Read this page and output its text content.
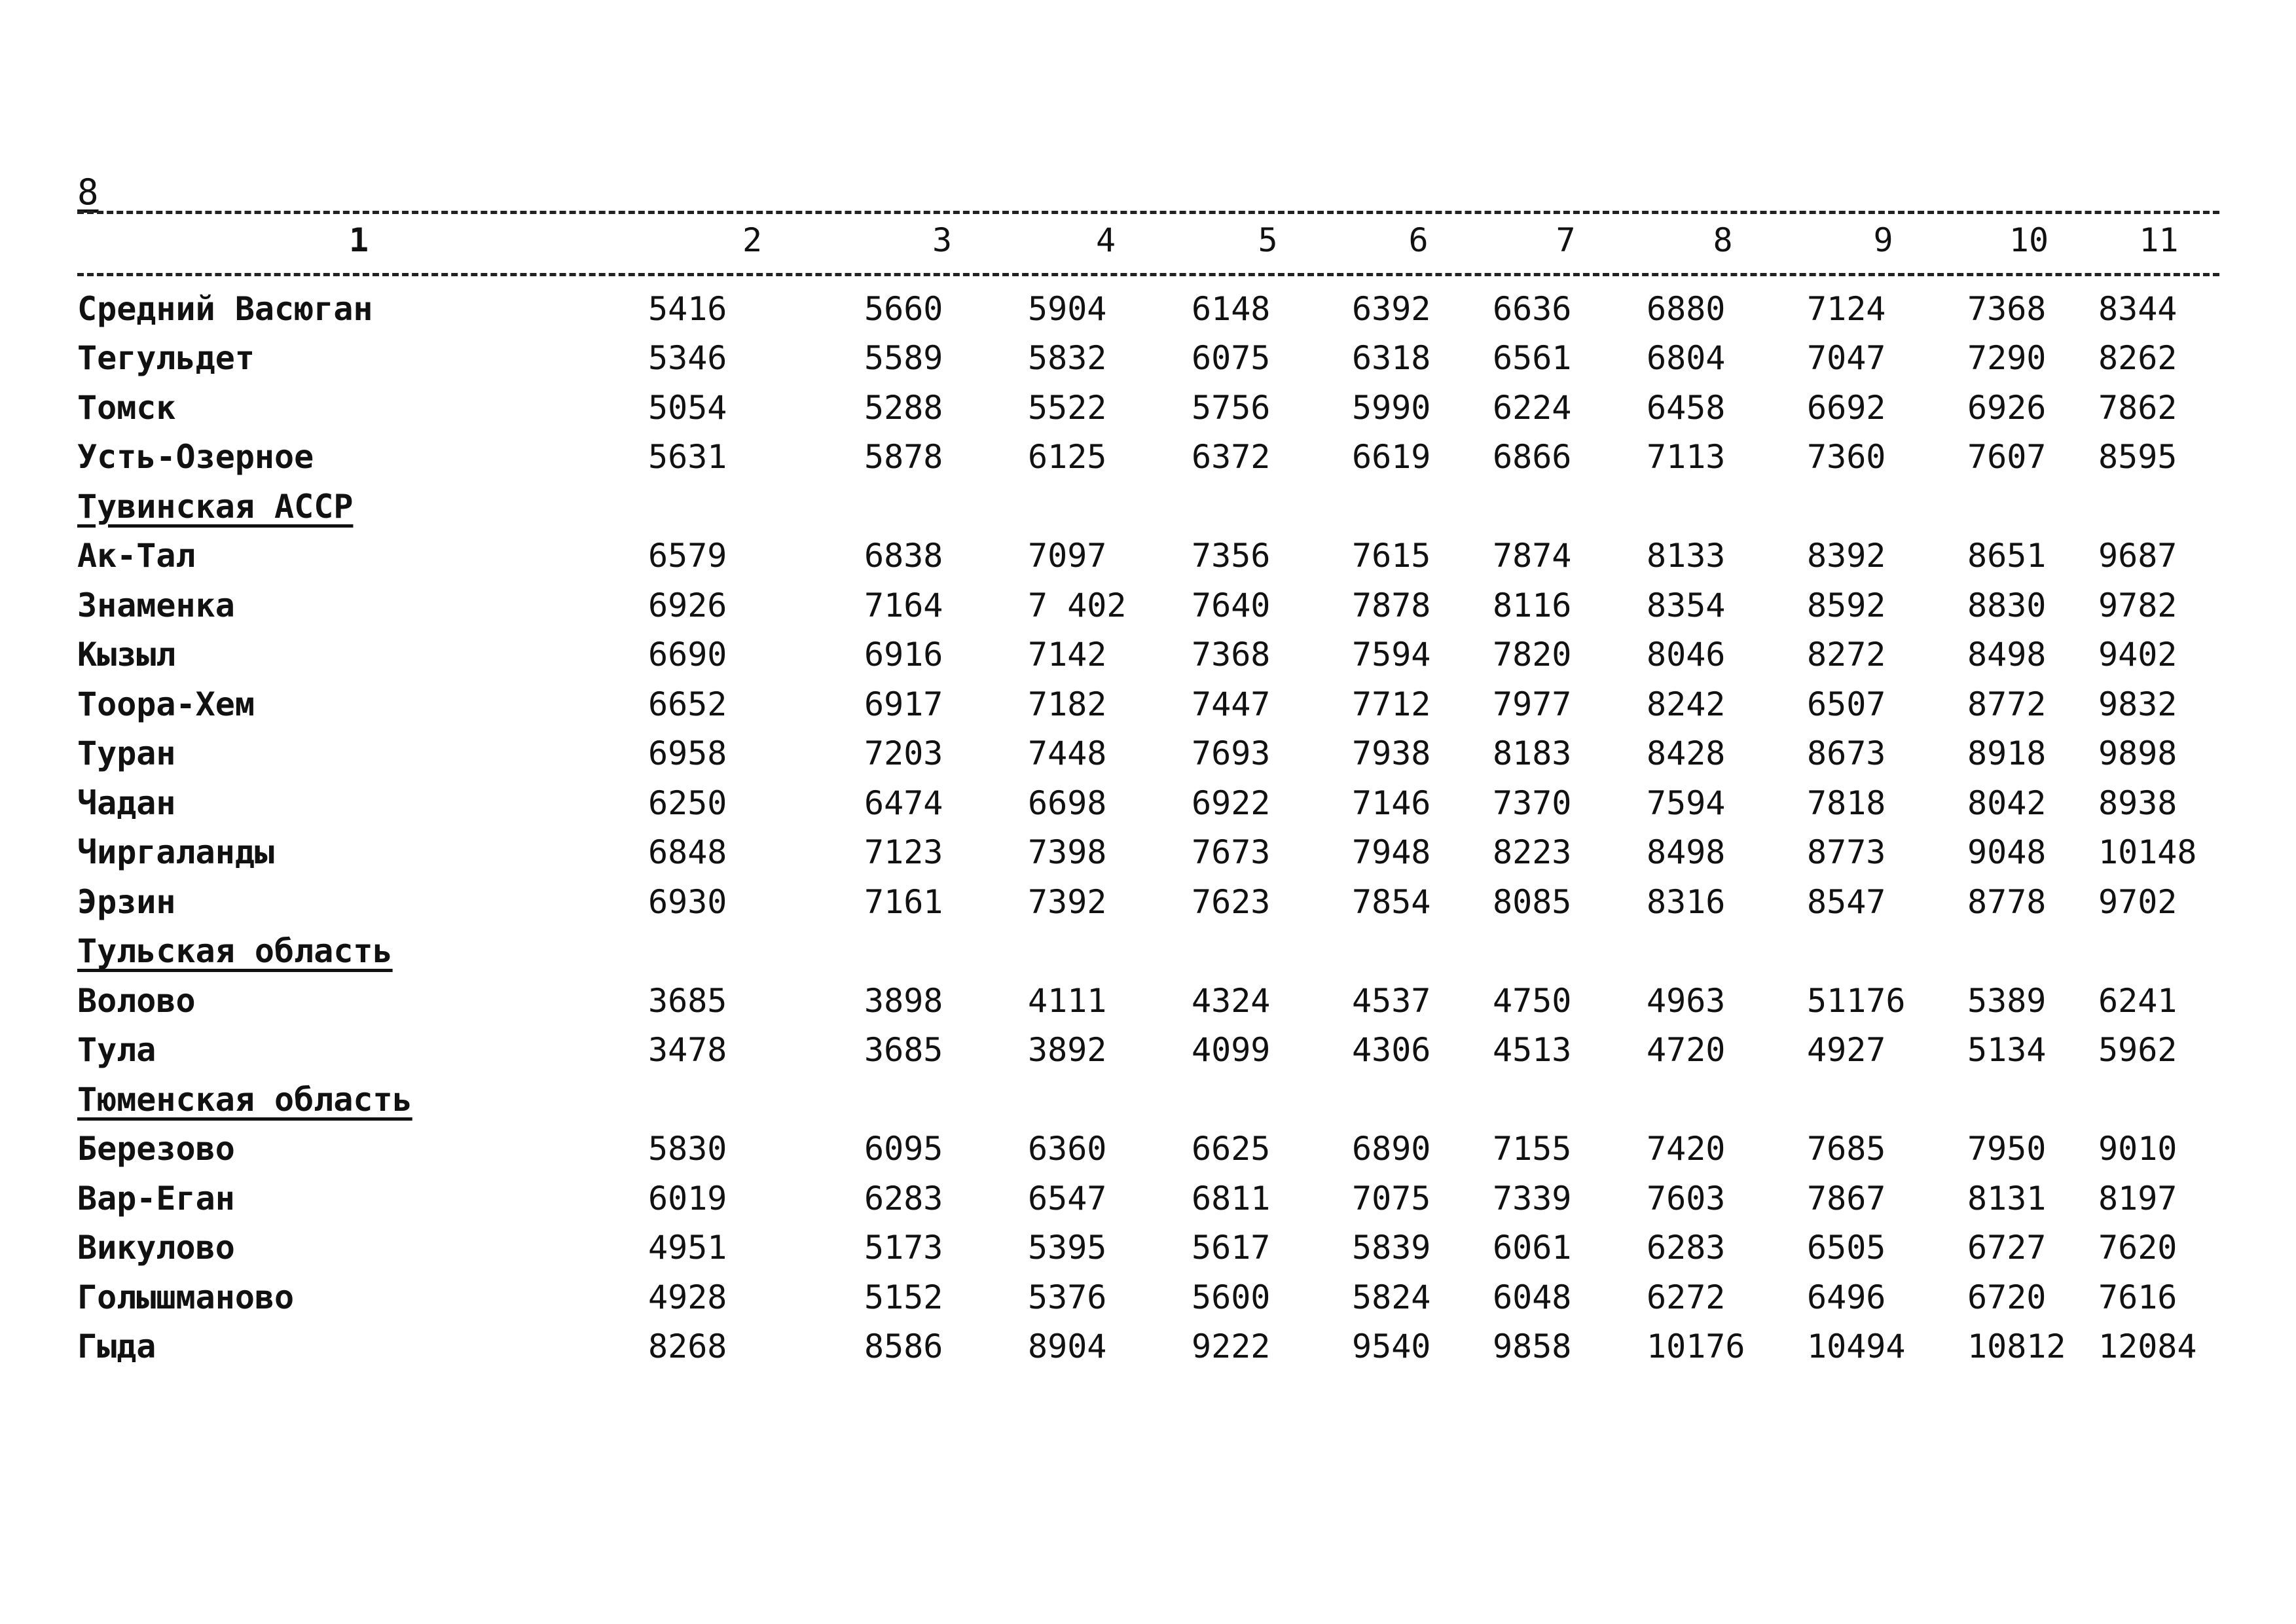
8
1	2	3	4	5	6	7	8	9	10	11

Средний Васюган	5416	5660	5904	6148	6392	6636	6880	7124	7368	8344
Тегульдет	5346	5589	5832	6075	6318	6561	6804	7047	7290	8262
Томск	5054	5288	5522	5756	5990	6224	6458	6692	6926	7862
Усть-Озерное	5631	5878	6125	6372	6619	6866	7113	7360	7607	8595
Тувинская АССР										
Ак-Тал	6579	6838	7097	7356	7615	7874	8133	8392	8651	9687
Знаменка	6926	7164	7 402	7640	7878	8116	8354	8592	8830	9782
Кызыл	6690	6916	7142	7368	7594	7820	8046	8272	8498	9402
Тоора-Хем	6652	6917	7182	7447	7712	7977	8242	6507	8772	9832
Туран	6958	7203	7448	7693	7938	8183	8428	8673	8918	9898
Чадан	6250	6474	6698	6922	7146	7370	7594	7818	8042	8938
Чиргаланды	6848	7123	7398	7673	7948	8223	8498	8773	9048	10148
Эрзин	6930	7161	7392	7623	7854	8085	8316	8547	8778	9702
Тульская область										
Волово	3685	3898	4111	4324	4537	4750	4963	51176	5389	6241
Тула	3478	3685	3892	4099	4306	4513	4720	4927	5134	5962
Тюменская область										
Березово	5830	6095	6360	6625	6890	7155	7420	7685	7950	9010
Вар-Еган	6019	6283	6547	6811	7075	7339	7603	7867	8131	8197
Викулово	4951	5173	5395	5617	5839	6061	6283	6505	6727	7620
Голышманово	4928	5152	5376	5600	5824	6048	6272	6496	6720	7616
Гыда	8268	8586	8904	9222	9540	9858	10176	10494	10812	12084
